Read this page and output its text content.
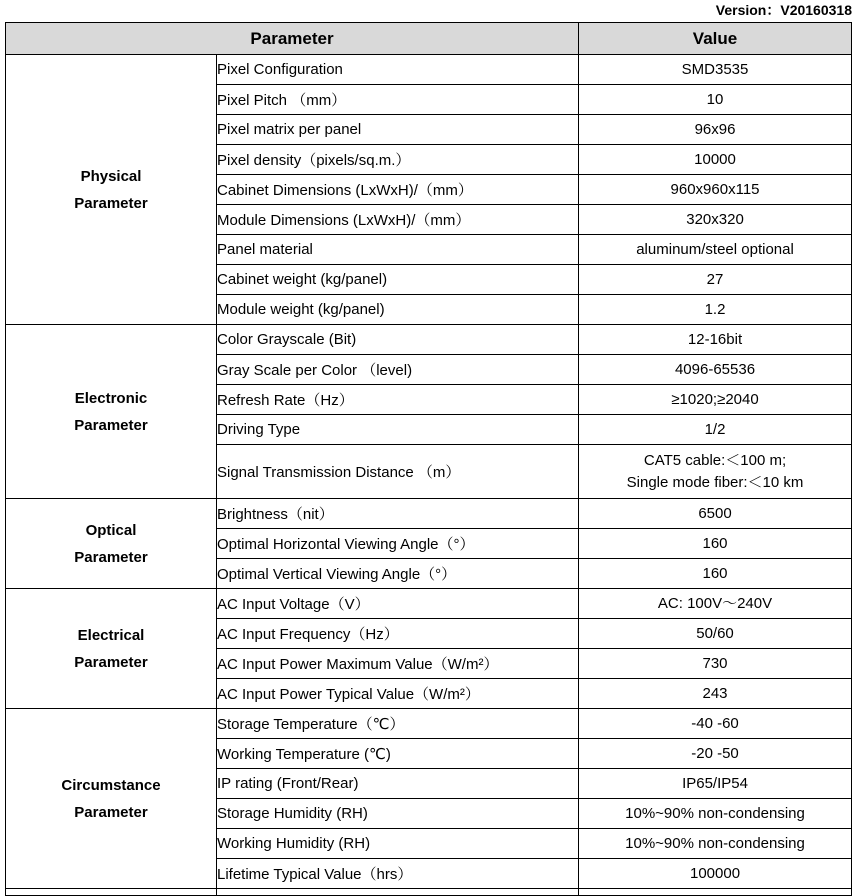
Version：V20160318
Parameter		Value

Physical
Parameter	Pixel Configuration	SMD3535

	Pixel Pitch （mm）	10

	Pixel matrix per panel	96x96

	Pixel density（pixels/sq.m.）	10000

	Cabinet Dimensions (LxWxH)/（mm）	960x960x115

	Module Dimensions (LxWxH)/（mm）	320x320

	Panel material	aluminum/steel optional

	Cabinet weight (kg/panel)	27

	Module weight (kg/panel)	1.2

Electronic
Parameter	Color Grayscale (Bit)	12-16bit

	Gray Scale per Color （level)	4096-65536

	Refresh Rate（Hz）	≥1020;≥2040

	Driving Type	1/2

	Signal Transmission Distance （m）	CAT5 cable:＜100 m;
Single mode fiber:＜10 km

Optical
Parameter	Brightness（nit）	6500

	Optimal Horizontal Viewing Angle（°）	160

	Optimal Vertical Viewing Angle（°）	160

Electrical
Parameter	AC Input Voltage（V）	AC: 100V～240V

	AC Input Frequency（Hz）	50/60

	AC Input Power Maximum Value（W/m²）	730

	AC Input Power Typical Value（W/m²）	243

Circumstance
Parameter	Storage Temperature（℃）	-40 -60

	Working Temperature (℃)	-20 -50

	IP rating (Front/Rear)	IP65/IP54

	Storage Humidity (RH)	10%~90% non-condensing

	Working Humidity (RH)	10%~90% non-condensing

	Lifetime Typical Value（hrs）	100000
